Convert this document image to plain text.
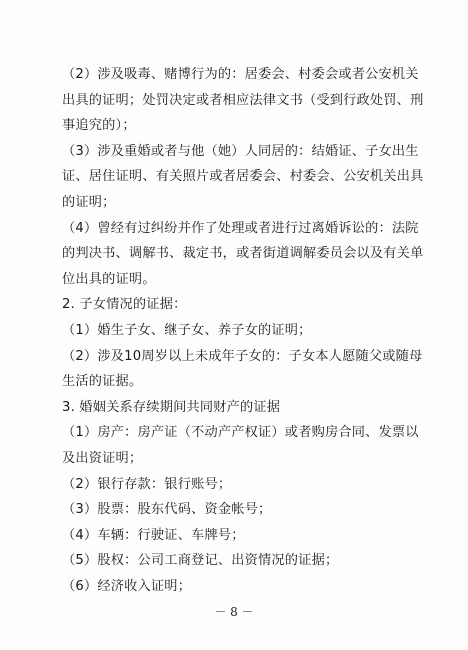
（2）涉及吸毒、赌博行为的：居委会、村委会或者公安机关
出具的证明；处罚决定或者相应法律文书（受到行政处罚、刑
事追究的）；
（3）涉及重婚或者与他（她）人同居的：结婚证、子女出生
证、居住证明、有关照片或者居委会、村委会、公安机关出具
的证明；
（4）曾经有过纠纷并作了处理或者进行过离婚诉讼的：法院
的判决书、调解书、裁定书，或者街道调解委员会以及有关单
位出具的证明。
2. 子女情况的证据：
（1）婚生子女、继子女、养子女的证明；
（2）涉及10周岁以上未成年子女的：子女本人愿随父或随母
生活的证据。
3. 婚姻关系存续期间共同财产的证据
（1）房产：房产证（不动产产权证）或者购房合同、发票以
及出资证明；
（2）银行存款：银行账号；
（3）股票：股东代码、资金帐号；
（4）车辆：行驶证、车牌号；
（5）股权：公司工商登记、出资情况的证据；
（6）经济收入证明；
－ 8 －
